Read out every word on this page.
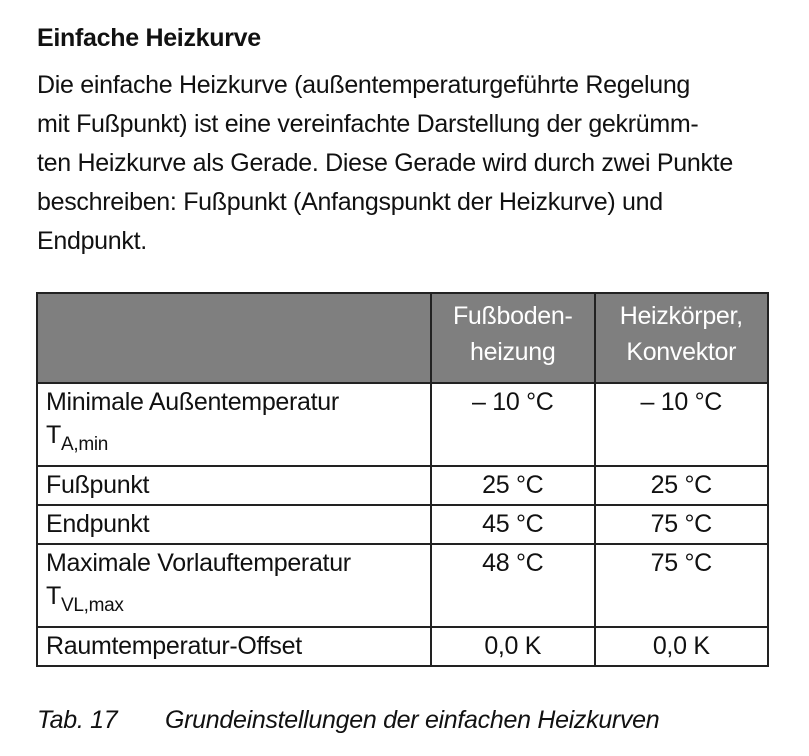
Einfache Heizkurve
Die einfache Heizkurve (außentemperaturgeführte Regelung
mit Fußpunkt) ist eine vereinfachte Darstellung der gekrümm-
ten Heizkurve als Gerade. Diese Gerade wird durch zwei Punkte
beschreiben: Fußpunkt (Anfangspunkt der Heizkurve) und
Endpunkt.

	Fußboden-
heizung	Heizkörper,
Konvektor

Minimale Außentemperatur
$T_{A,min}$	– 10 °C	– 10 °C
Fußpunkt	25 °C	25 °C
Endpunkt	45 °C	75 °C

Maximale Vorlauftemperatur
$T_{VL,max}$	48 °C	75 °C
Raumtemperatur-Offset	0,0 K	0,0 K
Tab. 17 Grundeinstellungen der einfachen Heizkurven
